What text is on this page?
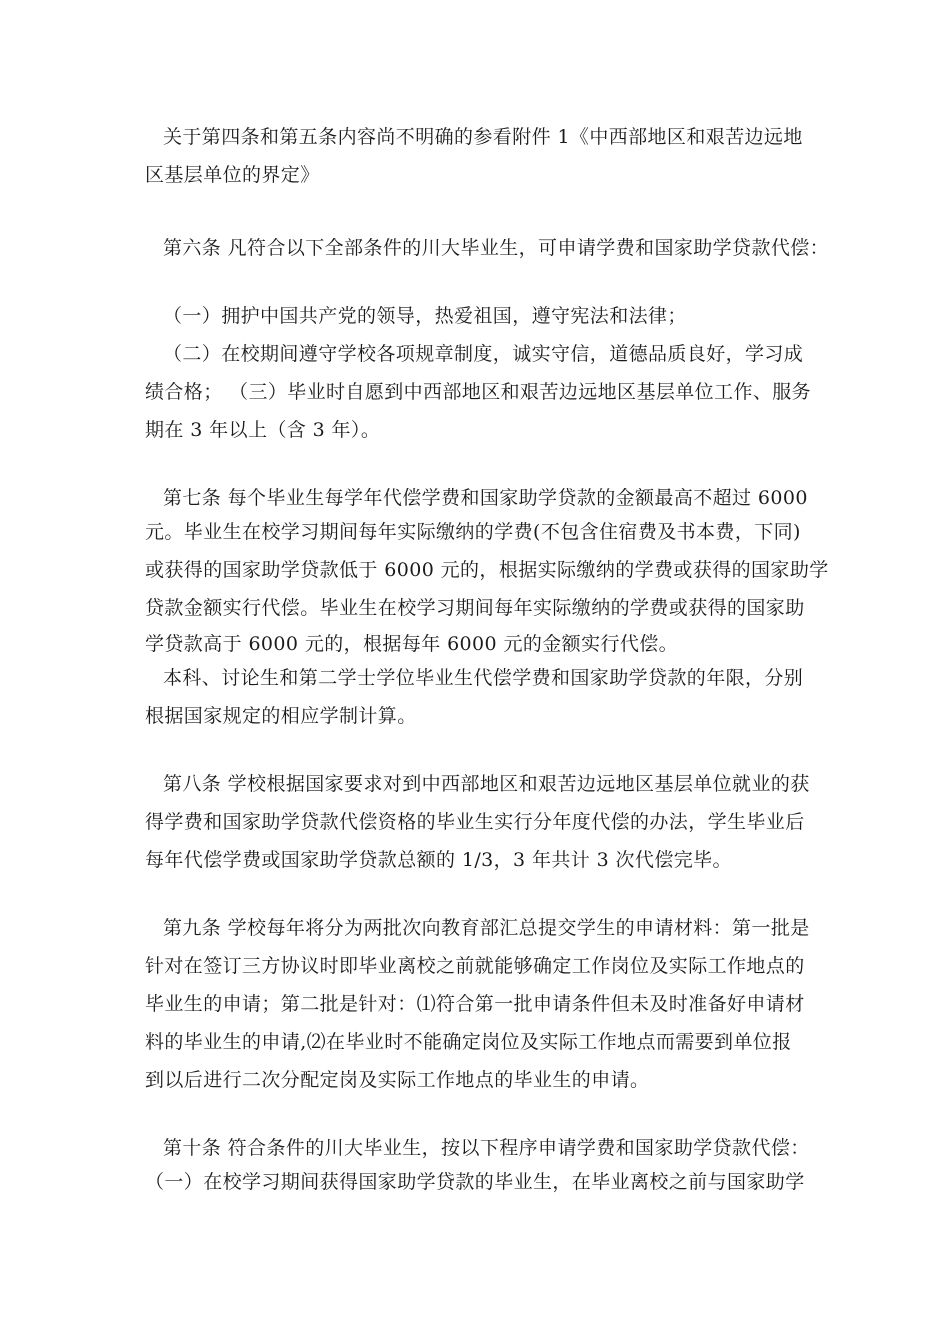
关于第四条和第五条内容尚不明确的参看附件 1《中西部地区和艰苦边远地
区基层单位的界定》
第六条 凡符合以下全部条件的川大毕业生，可申请学费和国家助学贷款代偿：
（一）拥护中国共产党的领导，热爱祖国，遵守宪法和法律；
（二）在校期间遵守学校各项规章制度，诚实守信，道德品质良好，学习成
绩合格； （三）毕业时自愿到中西部地区和艰苦边远地区基层单位工作、服务
期在 3 年以上（含 3 年）。
第七条 每个毕业生每学年代偿学费和国家助学贷款的金额最高不超过 6000
元。毕业生在校学习期间每年实际缴纳的学费(不包含住宿费及书本费，下同)
或获得的国家助学贷款低于 6000 元的，根据实际缴纳的学费或获得的国家助学
贷款金额实行代偿。毕业生在校学习期间每年实际缴纳的学费或获得的国家助
学贷款高于 6000 元的，根据每年 6000 元的金额实行代偿。
本科、讨论生和第二学士学位毕业生代偿学费和国家助学贷款的年限，分别
根据国家规定的相应学制计算。
第八条 学校根据国家要求对到中西部地区和艰苦边远地区基层单位就业的获
得学费和国家助学贷款代偿资格的毕业生实行分年度代偿的办法，学生毕业后
每年代偿学费或国家助学贷款总额的 1/3，3 年共计 3 次代偿完毕。
第九条 学校每年将分为两批次向教育部汇总提交学生的申请材料：第一批是
针对在签订三方协议时即毕业离校之前就能够确定工作岗位及实际工作地点的
毕业生的申请；第二批是针对：⑴符合第一批申请条件但未及时准备好申请材
料的毕业生的申请,⑵在毕业时不能确定岗位及实际工作地点而需要到单位报
到以后进行二次分配定岗及实际工作地点的毕业生的申请。
第十条 符合条件的川大毕业生，按以下程序申请学费和国家助学贷款代偿：
（一）在校学习期间获得国家助学贷款的毕业生，在毕业离校之前与国家助学
